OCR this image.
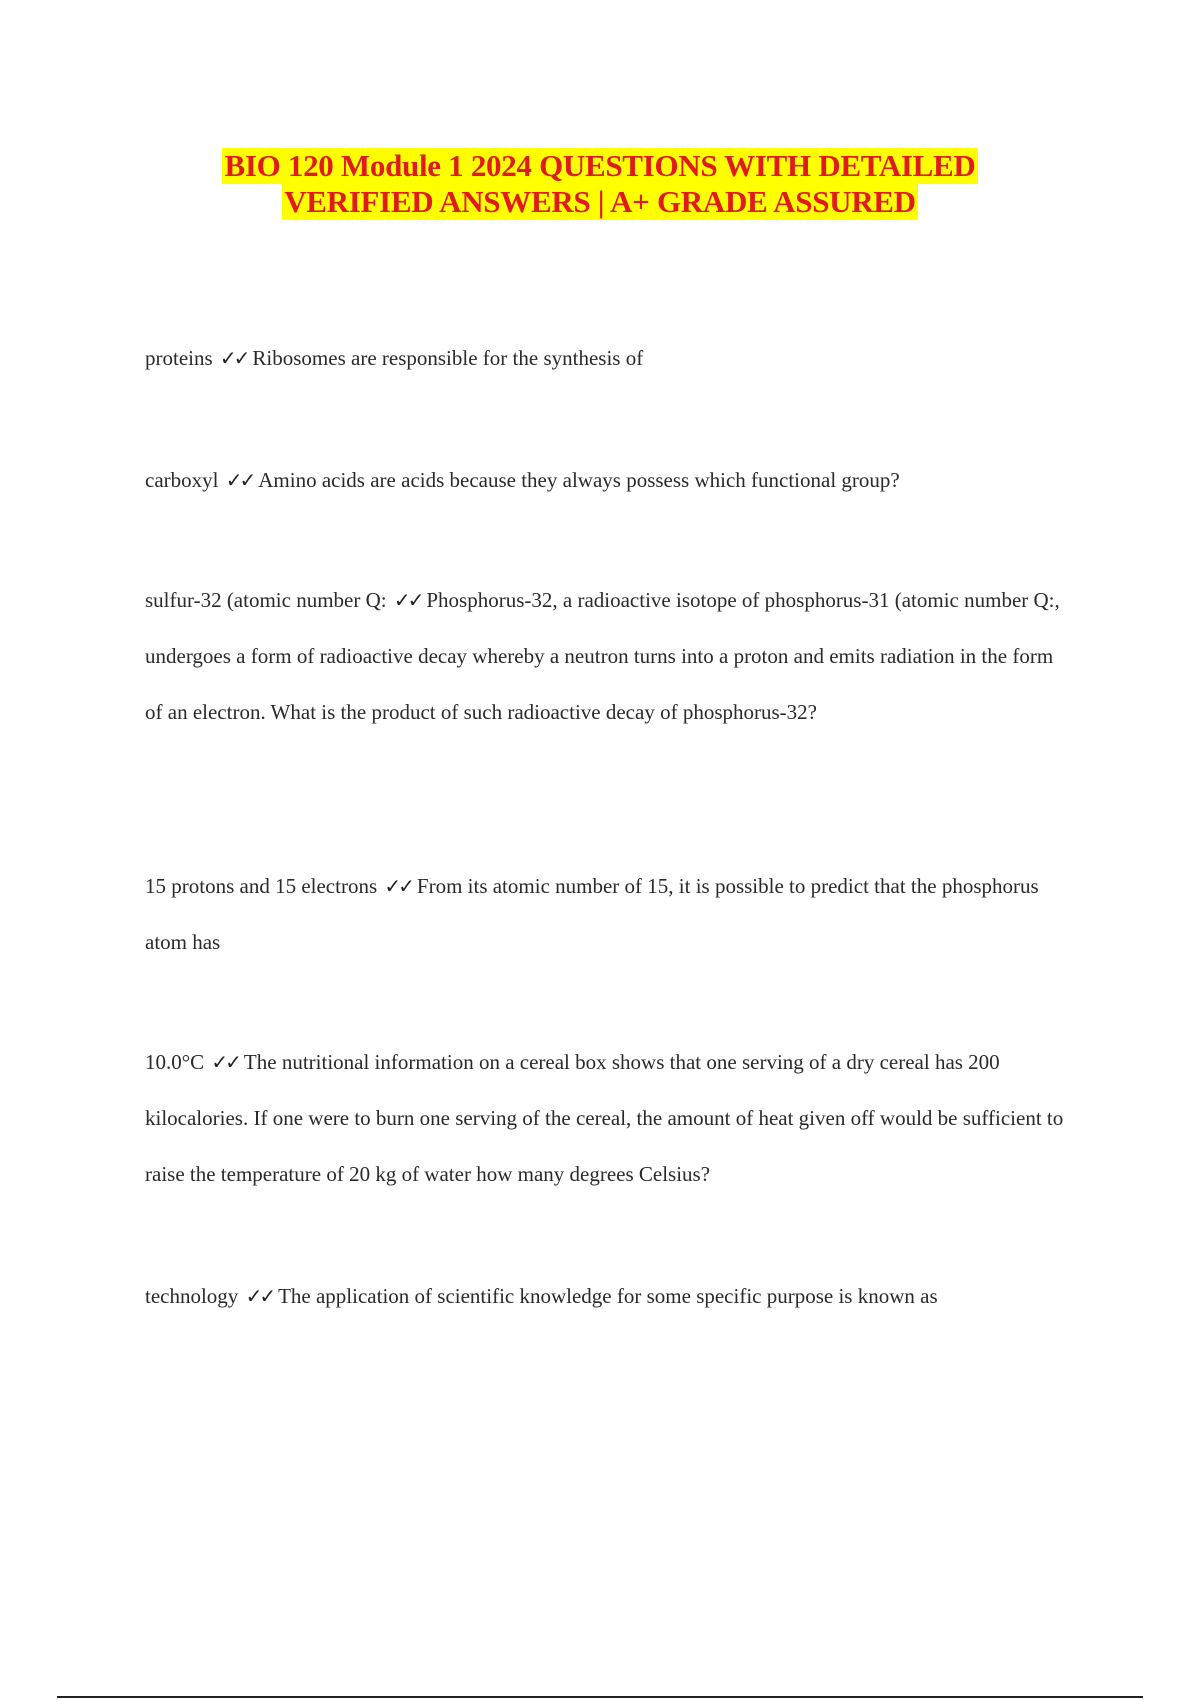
BIO 120 Module 1 2024 QUESTIONS WITH DETAILED
VERIFIED ANSWERS | A+ GRADE ASSURED
proteins ✓✓ Ribosomes are responsible for the synthesis of
carboxyl ✓✓ Amino acids are acids because they always possess which functional group?
sulfur-32 (atomic number Q: ✓✓ Phosphorus-32, a radioactive isotope of phosphorus-31 (atomic number Q:, undergoes a form of radioactive decay whereby a neutron turns into a proton and emits radiation in the form of an electron. What is the product of such radioactive decay of phosphorus-32?
15 protons and 15 electrons ✓✓ From its atomic number of 15, it is possible to predict that the phosphorus atom has
10.0°C ✓✓ The nutritional information on a cereal box shows that one serving of a dry cereal has 200 kilocalories. If one were to burn one serving of the cereal, the amount of heat given off would be sufficient to raise the temperature of 20 kg of water how many degrees Celsius?
technology ✓✓ The application of scientific knowledge for some specific purpose is known as
